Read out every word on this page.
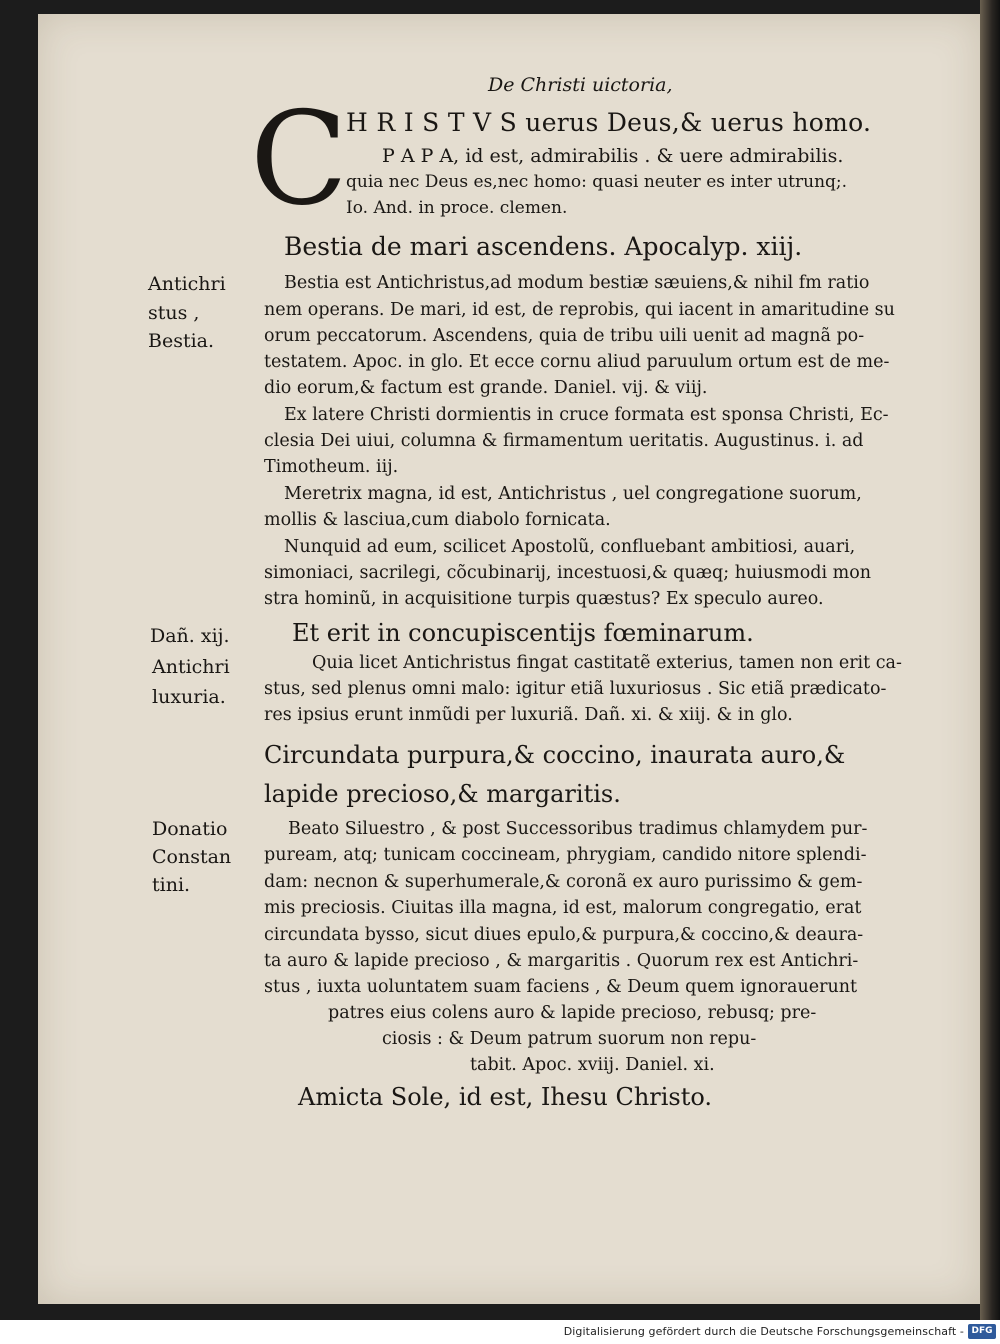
De Christi uictoria,
C
H R I S T V S uerus Deus,& uerus homo.
P A P A, id est, admirabilis . & uere admirabilis.
quia nec Deus es,nec homo: quasi neuter es inter utrunq;.
Io. And. in proce. clemen.
Bestia de mari ascendens. Apocalyp. xiij.
Bestia est Antichristus,ad modum bestiæ sæuiens,& nihil fm ratio
nem operans. De mari, id est, de reprobis, qui iacent in amaritudine su
orum peccatorum. Ascendens, quia de tribu uili uenit ad magnã po-
testatem. Apoc. in glo. Et ecce cornu aliud paruulum ortum est de me-
dio eorum,& factum est grande. Daniel. vij. & viij.
Ex latere Christi dormientis in cruce formata est sponsa Christi, Ec-
clesia Dei uiui, columna & firmamentum ueritatis. Augustinus. i. ad
Timotheum. iij.
Meretrix magna, id est, Antichristus , uel congregatione suorum,
mollis & lasciua,cum diabolo fornicata.
Nunquid ad eum, scilicet Apostolũ, confluebant ambitiosi, auari,
simoniaci, sacrilegi, cõcubinarij, incestuosi,& quæq; huiusmodi mon
stra hominũ, in acquisitione turpis quæstus? Ex speculo aureo.
Et erit in concupiscentijs fœminarum.
Quia licet Antichristus fingat castitatẽ exterius, tamen non erit ca-
stus, sed plenus omni malo: igitur etiã luxuriosus . Sic etiã prædicato-
res ipsius erunt inmũdi per luxuriã. Dañ. xi. & xiij. & in glo.
Circundata purpura,& coccino, inaurata auro,&
lapide precioso,& margaritis.
Beato Siluestro , & post Successoribus tradimus chlamydem pur-
puream, atq; tunicam coccineam, phrygiam, candido nitore splendi-
dam: necnon & superhumerale,& coronã ex auro purissimo & gem-
mis preciosis. Ciuitas illa magna, id est, malorum congregatio, erat
circundata bysso, sicut diues epulo,& purpura,& coccino,& deaura-
ta auro & lapide precioso , & margaritis . Quorum rex est Antichri-
stus , iuxta uoluntatem suam faciens , & Deum quem ignorauerunt
patres eius colens auro & lapide precioso, rebusq; pre-
ciosis : & Deum patrum suorum non repu-
tabit. Apoc. xviij. Daniel. xi.
Amicta Sole, id est, Ihesu Christo.
Antichri
stus ,
Bestia.
Dañ. xij.
Antichri
luxuria.
Donatio
Constan
tini.
Digitalisierung gefördert durch die Deutsche Forschungsgemeinschaft - DFG
